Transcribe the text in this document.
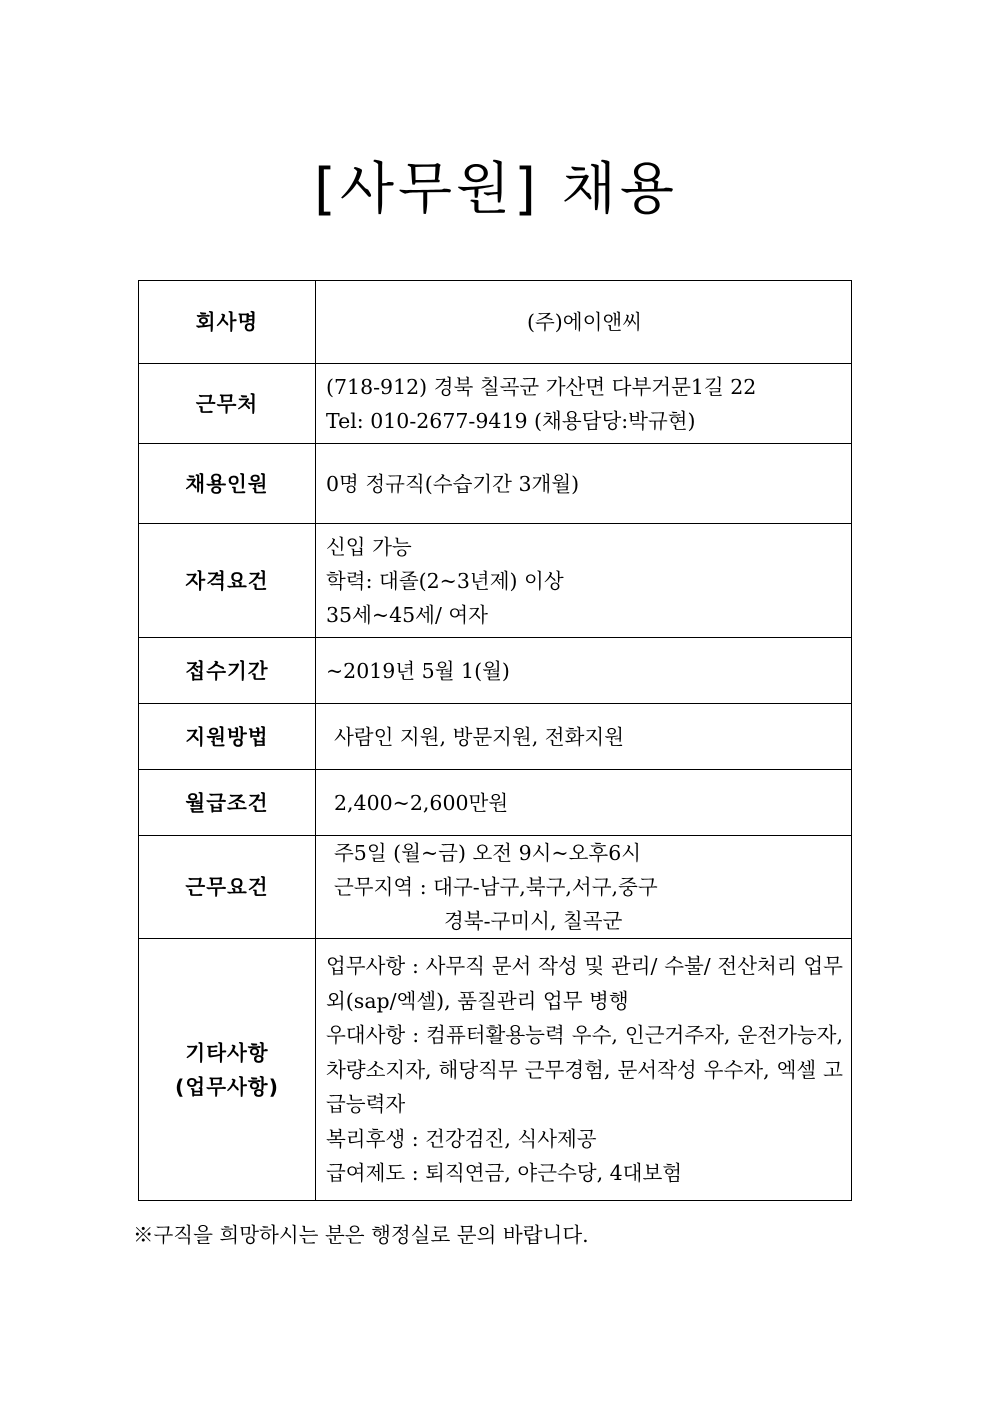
[사무원] 채용
회사명	(주)에이앤씨
근무처	(718-912) 경북 칠곡군 가산면 다부거문1길 22
Tel: 010-2677-9419 (채용담당:박규현)

채용인원	0명 정규직(수습기간 3개월)
자격요건	신입 가능
학력: 대졸(2~3년제) 이상
35세~45세/ 여자

접수기간	~2019년 5월 1(월)
지원방법	사람인 지원, 방문지원, 전화지원

월급조건	2,400~2,600만원

근무요건	주5일 (월~금) 오전 9시~오후6시
근무지역 : 대구-남구,북구,서구,중구
경북-구미시, 칠곡군

기타사항
(업무사항)	업무사항 : 사무직 문서 작성 및 관리/ 수불/ 전산처리 업무 외(sap/엑셀), 품질관리 업무 병행
우대사항 : 컴퓨터활용능력 우수, 인근거주자, 운전가능자, 차량소지자, 해당직무 근무경험, 문서작성 우수자, 엑셀 고급능력자
복리후생 : 건강검진, 식사제공
급여제도 : 퇴직연금, 야근수당, 4대보험
※구직을 희망하시는 분은 행정실로 문의 바랍니다.
